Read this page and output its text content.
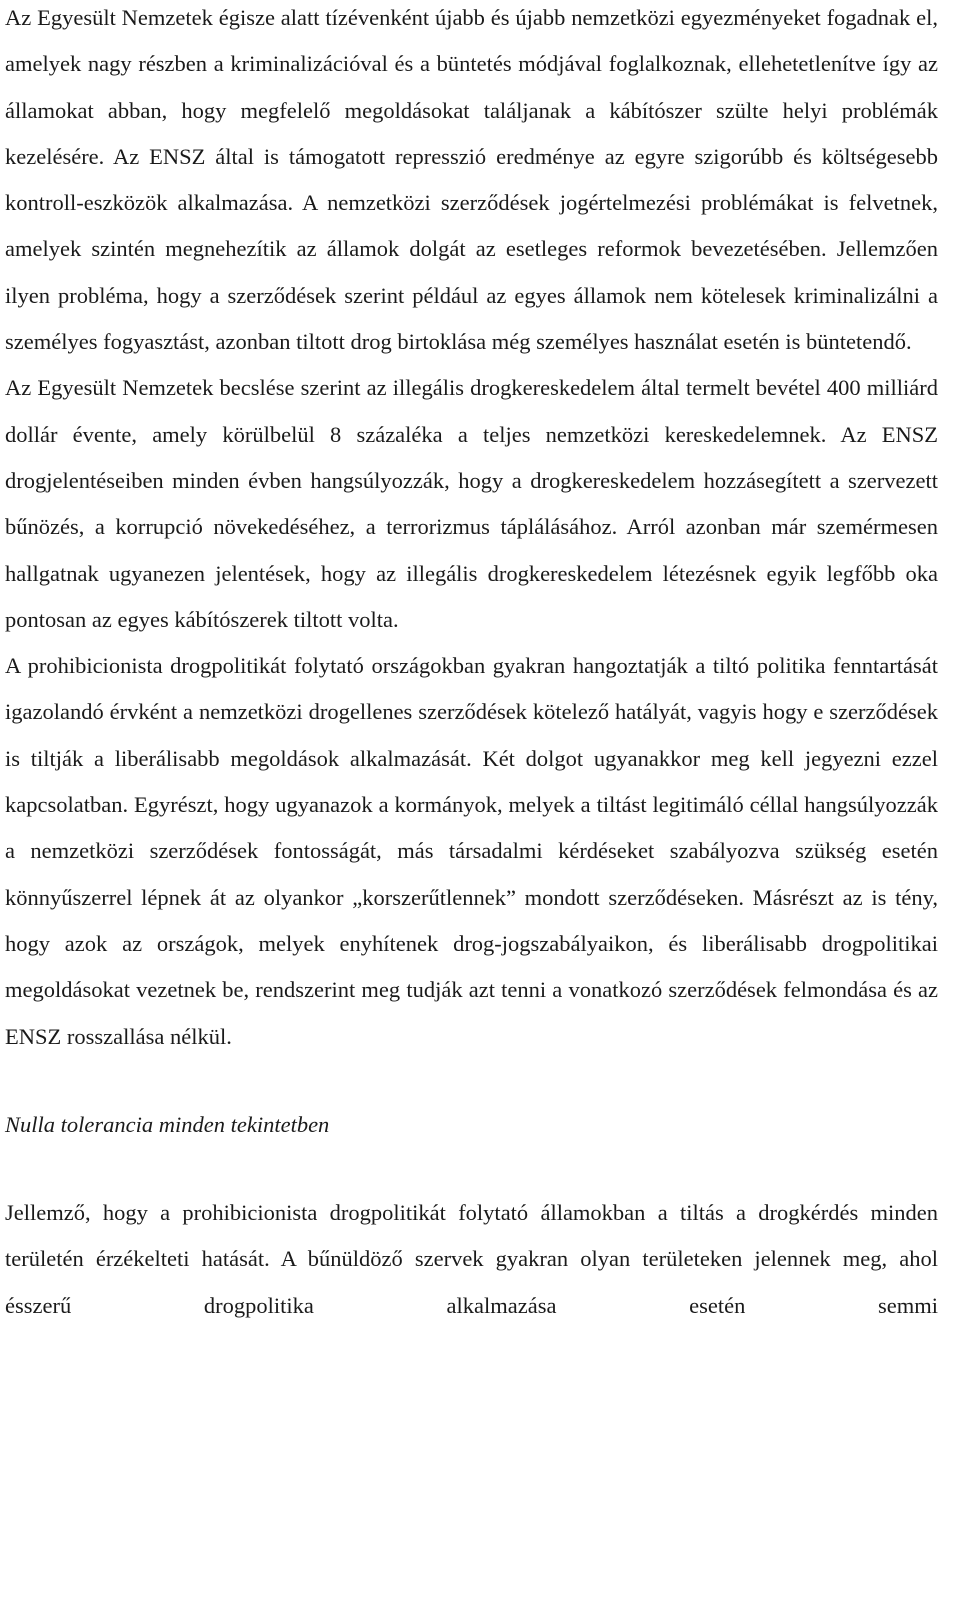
Az Egyesült Nemzetek égisze alatt tízévenként újabb és újabb nemzetközi egyezményeket fogadnak el, amelyek nagy részben a kriminalizációval és a büntetés módjával foglalkoznak, ellehetetlenítve így az államokat abban, hogy megfelelő megoldásokat találjanak a kábítószer szülte helyi problémák kezelésére. Az ENSZ által is támogatott represszió eredménye az egyre szigorúbb és költségesebb kontroll-eszközök alkalmazása. A nemzetközi szerződések jogértelmezési problémákat is felvetnek, amelyek szintén megnehezítik az államok dolgát az esetleges reformok bevezetésében. Jellemzően ilyen probléma, hogy a szerződések szerint például az egyes államok nem kötelesek kriminalizálni a személyes fogyasztást, azonban tiltott drog birtoklása még személyes használat esetén is büntetendő.

Az Egyesült Nemzetek becslése szerint az illegális drogkereskedelem által termelt bevétel 400 milliárd dollár évente, amely körülbelül 8 százaléka a teljes nemzetközi kereskedelemnek. Az ENSZ drogjelentéseiben minden évben hangsúlyozzák, hogy a drogkereskedelem hozzásegített a szervezett bűnözés, a korrupció növekedéséhez, a terrorizmus táplálásához. Arról azonban már szemérmesen hallgatnak ugyanezen jelentések, hogy az illegális drogkereskedelem létezésnek egyik legfőbb oka pontosan az egyes kábítószerek tiltott volta.

A prohibicionista drogpolitikát folytató országokban gyakran hangoztatják a tiltó politika fenntartását igazolandó érvként a nemzetközi drogellenes szerződések kötelező hatályát, vagyis hogy e szerződések is tiltják a liberálisabb megoldások alkalmazását. Két dolgot ugyanakkor meg kell jegyezni ezzel kapcsolatban. Egyrészt, hogy ugyanazok a kormányok, melyek a tiltást legitimáló céllal hangsúlyozzák a nemzetközi szerződések fontosságát, más társadalmi kérdéseket szabályozva szükség esetén könnyűszerrel lépnek át az olyankor „korszerűtlennek” mondott szerződéseken. Másrészt az is tény, hogy azok az országok, melyek enyhítenek drog-jogszabályaikon, és liberálisabb drogpolitikai megoldásokat vezetnek be, rendszerint meg tudják azt tenni a vonatkozó szerződések felmondása és az ENSZ rosszallása nélkül.

Nulla tolerancia minden tekintetben

Jellemző, hogy a prohibicionista drogpolitikát folytató államokban a tiltás a drogkérdés minden területén érzékelteti hatását. A bűnüldöző szervek gyakran olyan területeken jelennek meg, ahol ésszerű drogpolitika alkalmazása esetén semmi
